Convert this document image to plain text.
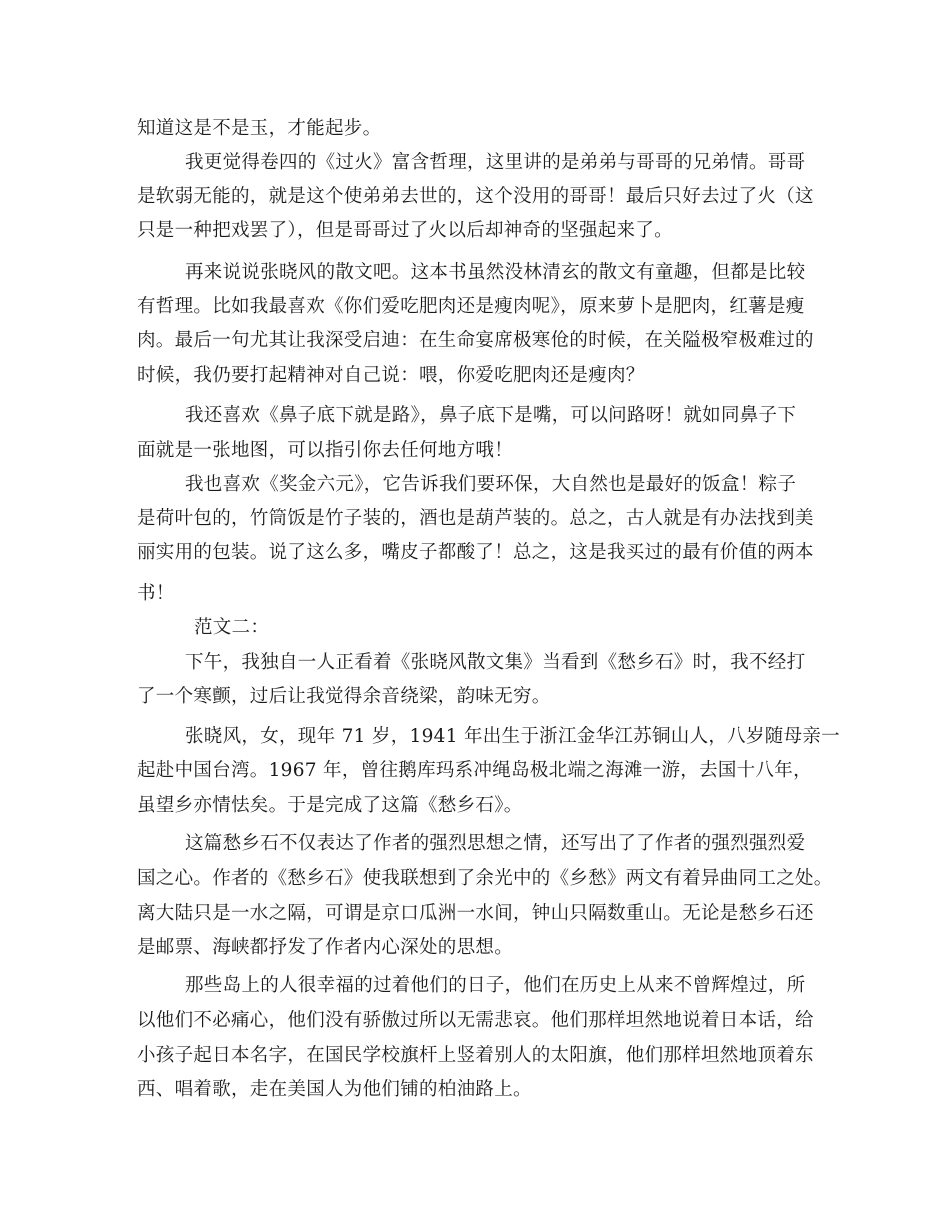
知道这是不是玉，才能起步。
我更觉得卷四的《过火》富含哲理，这里讲的是弟弟与哥哥的兄弟情。哥哥
是软弱无能的，就是这个使弟弟去世的，这个没用的哥哥！最后只好去过了火（这
只是一种把戏罢了），但是哥哥过了火以后却神奇的坚强起来了。
再来说说张晓风的散文吧。这本书虽然没林清玄的散文有童趣，但都是比较
有哲理。比如我最喜欢《你们爱吃肥肉还是瘦肉呢》，原来萝卜是肥肉，红薯是瘦
肉。最后一句尤其让我深受启迪：在生命宴席极寒伧的时候，在关隘极窄极难过的
时候，我仍要打起精神对自己说：喂，你爱吃肥肉还是瘦肉？
我还喜欢《鼻子底下就是路》，鼻子底下是嘴，可以问路呀！就如同鼻子下
面就是一张地图，可以指引你去任何地方哦！
我也喜欢《奖金六元》，它告诉我们要环保，大自然也是最好的饭盒！粽子
是荷叶包的，竹筒饭是竹子装的，酒也是葫芦装的。总之，古人就是有办法找到美
丽实用的包装。说了这么多，嘴皮子都酸了！总之，这是我买过的最有价值的两本
书！
范文二：
下午，我独自一人正看着《张晓风散文集》当看到《愁乡石》时，我不经打
了一个寒颤，过后让我觉得余音绕梁，韵味无穷。
张晓风，女，现年 71 岁，1941 年出生于浙江金华江苏铜山人，八岁随母亲一
起赴中国台湾。1967 年，曾往鹅库玛系冲绳岛极北端之海滩一游，去国十八年，
虽望乡亦情怯矣。于是完成了这篇《愁乡石》。
这篇愁乡石不仅表达了作者的强烈思想之情，还写出了了作者的强烈强烈爱
国之心。作者的《愁乡石》使我联想到了余光中的《乡愁》两文有着异曲同工之处。
离大陆只是一水之隔，可谓是京口瓜洲一水间，钟山只隔数重山。无论是愁乡石还
是邮票、海峡都抒发了作者内心深处的思想。
那些岛上的人很幸福的过着他们的日子，他们在历史上从来不曾辉煌过，所
以他们不必痛心，他们没有骄傲过所以无需悲哀。他们那样坦然地说着日本话，给
小孩子起日本名字，在国民学校旗杆上竖着别人的太阳旗，他们那样坦然地顶着东
西、唱着歌，走在美国人为他们铺的柏油路上。
